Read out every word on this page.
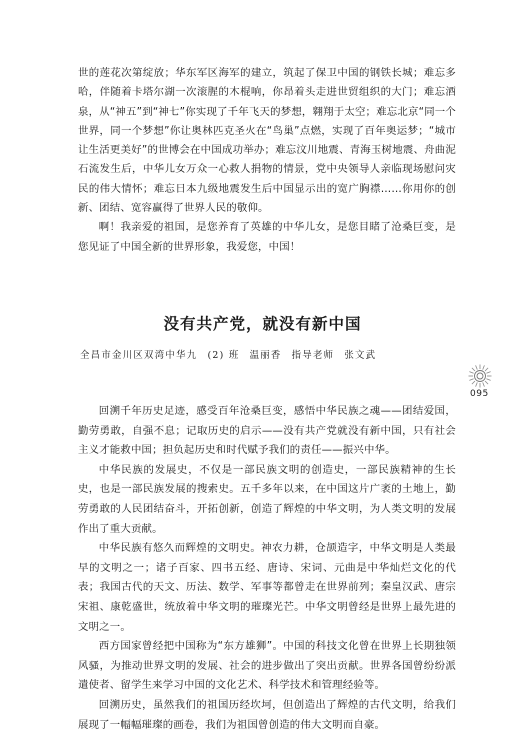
世的莲花次第绽放；华东军区海军的建立，筑起了保卫中国的钢铁长城；难忘多哈，伴随着卡塔尔湖一次滚腥的木棍响，你昂着头走进世贸组织的大门；难忘酒泉，从“神五”到“神七”你实现了千年飞天的梦想，翱翔于太空；难忘北京“同一个世界，同一个梦想”你让奥林匹克圣火在“鸟巢”点燃，实现了百年奥运梦；“城市让生活更美好”的世博会在中国成功举办；难忘汶川地震、青海玉树地震、舟曲泥石流发生后，中华儿女万众一心救人捐物的情景，党中央领导人亲临现场慰问灾民的伟大情怀；难忘日本九级地震发生后中国显示出的宽广胸襟……你用你的创新、团结、宽容赢得了世界人民的敬仰。

啊！我亲爱的祖国，是您养育了英雄的中华儿女，是您目睹了沧桑巨变，是您见证了中国全新的世界形象，我爱您，中国！

没有共产党，就没有新中国

全昌市金川区双湾中华九 (2) 班 温丽香 指导老师 张文武

095

回溯千年历史足迹，感受百年沧桑巨变，感悟中华民族之魂——团结爱国，勤劳勇敢，自强不息；记取历史的启示——没有共产党就没有新中国，只有社会主义才能救中国；担负起历史和时代赋予我们的责任——振兴中华。

中华民族的发展史，不仅是一部民族文明的创造史，一部民族精神的生长史，也是一部民族发展的搜索史。五千多年以来，在中国这片广袤的土地上，勤劳勇敢的人民团结奋斗，开拓创新，创造了辉煌的中华文明，为人类文明的发展作出了重大贡献。

中华民族有悠久而辉煌的文明史。神农力耕，仓颉造字，中华文明是人类最早的文明之一；诸子百家、四书五经、唐诗、宋词、元曲是中华灿烂文化的代表；我国古代的天文、历法、数学、军事等都曾走在世界前列；秦皇汉武、唐宗宋祖、康乾盛世，统放着中华文明的璀璨光芒。中华文明曾经是世界上最先进的文明之一。

西方国家曾经把中国称为“东方雄狮”。中国的科技文化曾在世界上长期独领风骚，为推动世界文明的发展、社会的进步做出了突出贡献。世界各国曾纷纷派遣使者、留学生来学习中国的文化艺术、科学技术和管理经验等。

回溯历史，虽然我们的祖国历经坎坷，但创造出了辉煌的古代文明，给我们展现了一幅幅璀璨的画卷，我们为祖国曾创造的伟大文明而自豪。
